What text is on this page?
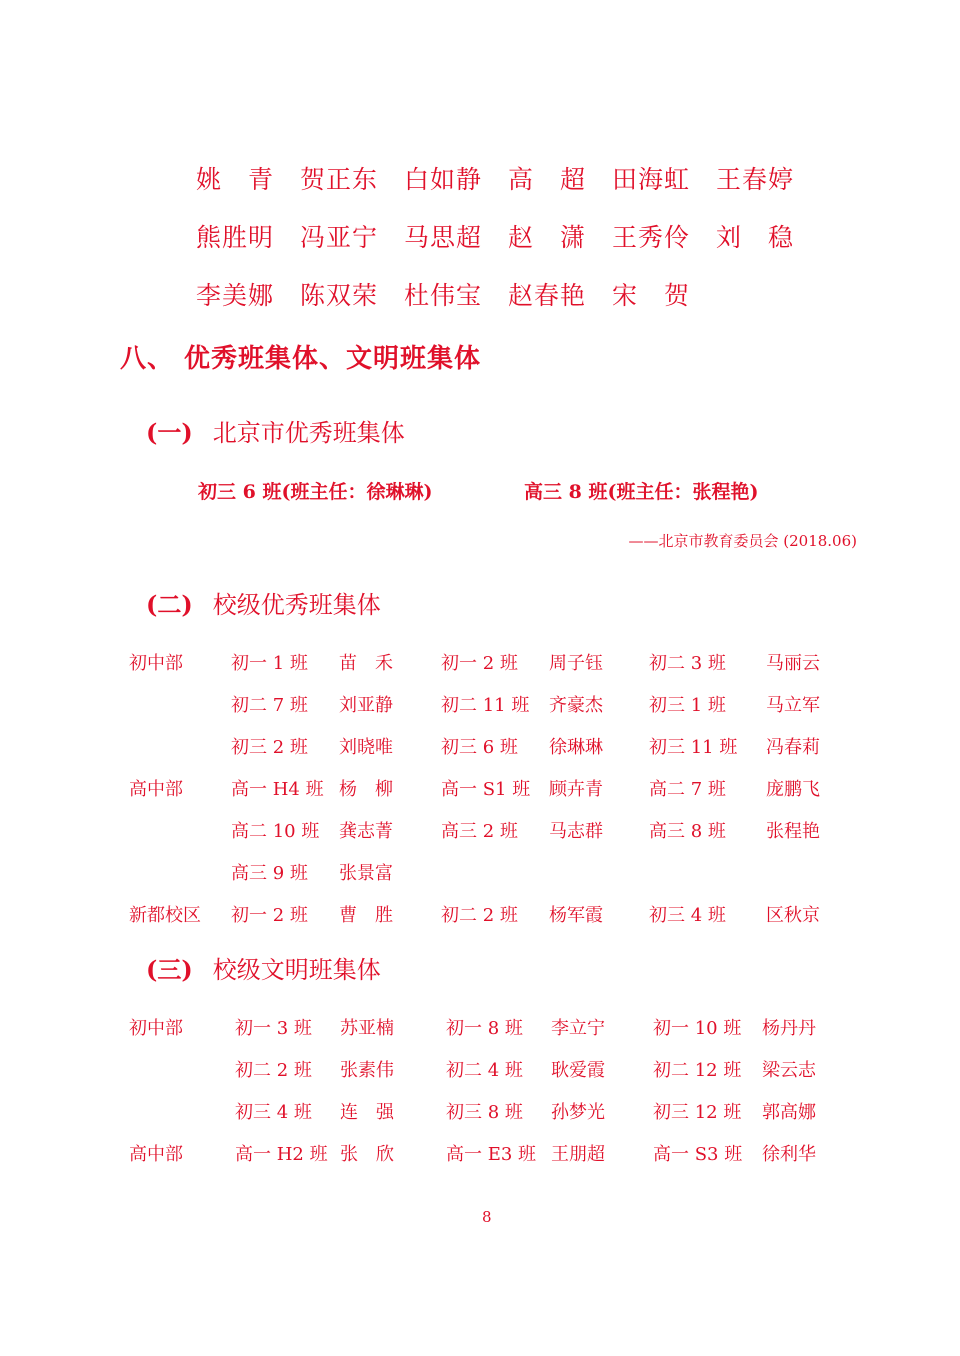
姚　青 贺正东 白如静 高　超 田海虹 王春婷
熊胜明 冯亚宁 马思超 赵　潇 王秀伶 刘　稳
李美娜 陈双荣 杜伟宝 赵春艳 宋　贺
八、 优秀班集体、文明班集体
(一) 北京市优秀班集体
初三 6 班(班主任：徐琳琳)	高三 8 班(班主任：张程艳)
——北京市教育委员会 (2018.06)
(二) 校级优秀班集体
初中部	初一 1 班 苗　禾	初一 2 班 周子钰	初二 3 班 马丽云
初二 7 班 刘亚静	初二 11 班 齐豪杰	初三 1 班 马立军
初三 2 班 刘晓唯	初三 6 班 徐琳琳	初三 11 班 冯春莉
高中部	高一 H4 班 杨　柳	高一 S1 班 顾卉青	高二 7 班 庞鹏飞
高二 10 班 龚志菁	高三 2 班 马志群	高三 8 班 张程艳
高三 9 班 张景富
新都校区 初一 2 班 曹　胜	初二 2 班 杨军霞	初三 4 班 区秋京
(三) 校级文明班集体
初中部	初一 3 班 苏亚楠	初一 8 班 李立宁	初一 10 班 杨丹丹
初二 2 班 张素伟	初二 4 班 耿爱霞	初二 12 班 梁云志
初三 4 班 连　强	初三 8 班 孙梦光	初三 12 班 郭高娜
高中部	高一 H2 班 张　欣	高一 E3 班 王朋超	高一 S3 班 徐利华
8
